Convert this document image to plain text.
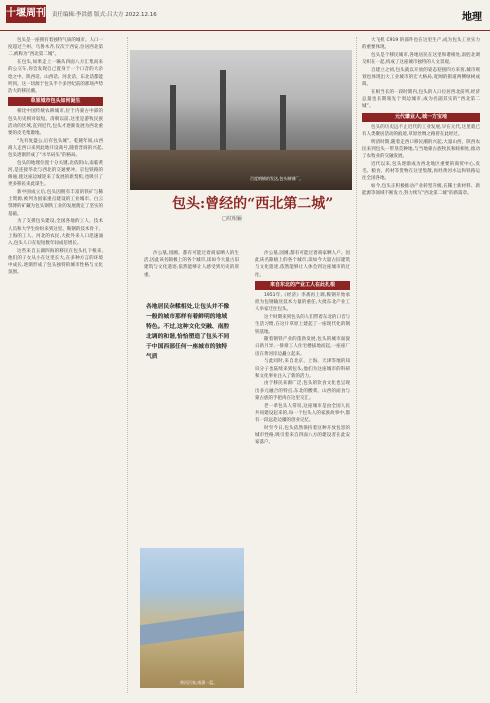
十堰周刊 责任编辑:李洪德 版式:吕大方 2022.12.16	地理

包头是一座拥有着独特气质的城市。人口一度超过兰州、乌鲁木齐,仅次于西安,位居西北第二,被称为“西北第二城”。

在包头,如果走上一辆从四面八方汇集而来的公交车,你会发现自己置身于一个口音的大杂烩之中。陕西话、山西话、河北话、东北话都能听到。这一切源于包头半个多世纪前的那场声势浩大的移民潮。

草原城市包头如何诞生

相比中国传统农耕城市,位于内蒙古中部的包头历史相对较短。清朝以前,这里是游牧民族活动的区域,直到近代,包头才逐渐发展为西北重要的皮毛集散地。

“先有复盛公,后有包头城”。乾隆年间,山西商人走西口来到此地开设商号,随着晋商的兴起,包头逐渐形成了“水旱码头”的格局。

包头的地理位置十分关键,北依阴山,南临黄河,是连接华北与西北的交通要冲。京包铁路的修通,使这座边城迎来了发展的新契机,也吸引了更多移民来此谋生。

新中国成立后,包头因拥有丰富的铁矿与稀土资源,被列为国家重点建设的工业城市。白云鄂博的矿藏为包头钢铁工业的发展奠定了坚实的基础。

为了支援包头建设,全国各地的工人、技术人员和大学生纷纷来到这里。鞍钢的技术骨干、上海的工人、河北的农民,大批外来人口迅速涌入,包头人口在短短数年间成倍增长。

这些来自五湖四海的移民在包头扎下根来,他们的子女从小在这里长大,在多种方言的环境中成长,逐渐形成了包头独特的城市性格与文化氛围。

百度钢铺的发达,包头制钢厂。
包头:曾经的“西北第二城”
□杖相骊

沙公墓,园圃。都有可能过着商家晒人的生活,因此该名隙极上的各个城市,读如今大量古旧建筑与文化遗迹,依然能够让人感受到历史的厚重。

各地居民杂糅相处,让包头并不像一般的城市那样有着鲜明的地域特色。不过,这种文化交融、南腔北调的和谐,恰恰塑造了包头不同于中国西部任何一座城市的独特气质

沙公墓,园圃,都有可能过着商家晒人户。因此该名隙极上的各个城市,读如今大量古旧建筑与文化遗迹,依然能够让人体会到这座城市的过往。

来自东北的产业工人在此扎根

1951年,《经济》李斋再上调,鞍钢开始承担为包钢输送技术力量的重任,大批东北产业工人举家迁往包头。

这个时期来到包头的人们带着东北的口音与生活习惯,在这片草原上建起了一座现代化的钢铁基地。

随着钢铁产业的蓬勃发展,包头的城市面貌日新月异,一排排工人住宅楼拔地而起,一座座厂房在黄河岸边矗立起来。

与此同时,来自北京、上海、天津等地的知识分子也陆续来到包头,他们为这座城市的科研和文化事业注入了新的活力。

由于移民来源广泛,包头的饮食文化也呈现出多元融合的特点,东北的酸菜、山西的面食与蒙古族的手把肉在这里交汇。

老一辈包头人常说,这座城市是由全国人民共同建设起来的,每一个包头人的家族故事中,都有一段远赴边疆的创业记忆。

时至今日,包头依然保持着这种开放包容的城市性格,吸引着来自四面八方的建设者在此安家落户。

黄河百家,南蒲一蓝。

大飞机 C919 的部件也在这里生产,成为包头工业实力的重要体现。

包头是个移民城市,各地居民在这里和谐相处,南腔北调交织在一起,构成了这座城市独特的人文景观。

自建立之初,包头就以开放的姿态迎接四方来客,城市规划也体现出大工业城市的宏大格局,宽阔的街道两侧绿树成荫。

在相当长的一段时期内,包头的人口位居西北前列,经济总量也长期领先于周边城市,成为名副其实的“西北第二城”。

元代肇业人,城一方宝地

包头的历史远不止近代的工业发展,早在元代,这里就已有人类聚居活动的痕迹,草原丝绸之路曾在此经过。

明清时期,随着走西口移民潮的兴起,大量山西、陕西农民来到包头一带垦荒种地,与当地蒙古族牧民和睦相处,推动了农牧业的交融发展。

近代以来,包头逐渐成为西北地区重要的商贸中心,皮毛、粮食、药材等货物在这里集散,再经黄河水运和铁路运往全国各地。

如今,包头正积极推动产业转型升级,在稀土新材料、新能源等领域不断发力,努力续写“西北第二城”的新篇章。
